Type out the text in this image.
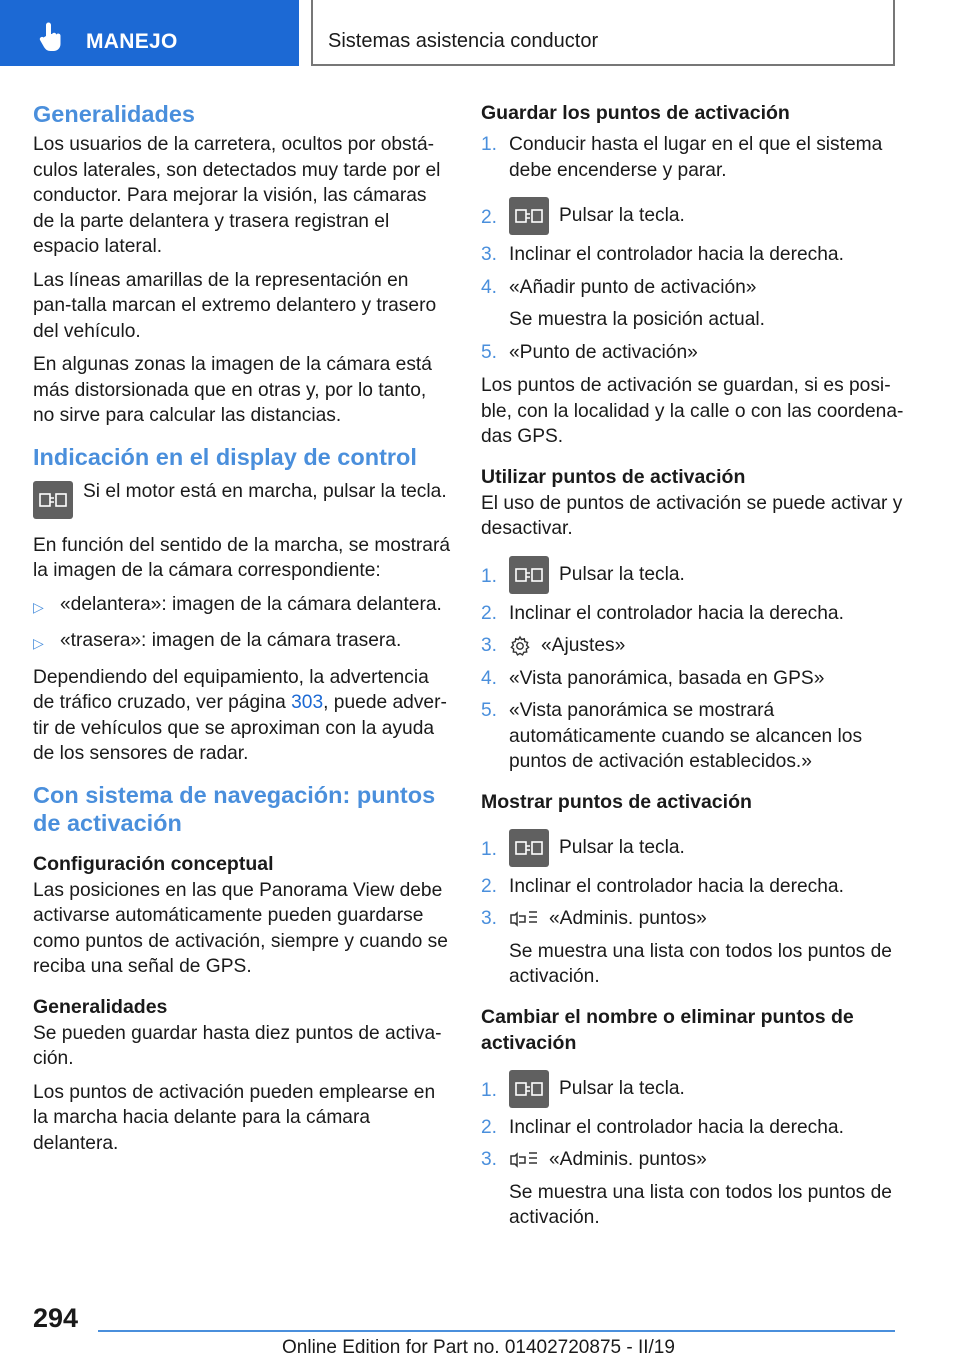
MANEJO	Sistemas asistencia conductor
Generalidades

Los usuarios de la carretera, ocultos por obstá-culos laterales, son detectados muy tarde por el conductor. Para mejorar la visión, las cámaras de la parte delantera y trasera registran el espacio lateral.

Las líneas amarillas de la representación en pan-talla marcan el extremo delantero y trasero del vehículo.

En algunas zonas la imagen de la cámara está más distorsionada que en otras y, por lo tanto, no sirve para calcular las distancias.

Indicación en el display de control
Si el motor está en marcha, pulsar la tecla.

En función del sentido de la marcha, se mostrará la imagen de la cámara correspondiente:

▷ «delantera»: imagen de la cámara delantera.
▷ «trasera»: imagen de la cámara trasera.

Dependiendo del equipamiento, la advertencia de tráfico cruzado, ver página 303, puede adver-tir de vehículos que se aproximan con la ayuda de los sensores de radar.

Con sistema de navegación: puntos de activación
Configuración conceptual

Las posiciones en las que Panorama View debe activarse automáticamente pueden guardarse como puntos de activación, siempre y cuando se reciba una señal de GPS.

Generalidades

Se pueden guardar hasta diez puntos de activa-ción.

Los puntos de activación pueden emplearse en la marcha hacia delante para la cámara delantera.

Guardar los puntos de activación
1. Conducir hasta el lugar en el que el sistema debe encenderse y parar.
2.	Pulsar la tecla.
3. Inclinar el controlador hacia la derecha.
4. «Añadir punto de activación»
Se muestra la posición actual.
5. «Punto de activación»

Los puntos de activación se guardan, si es posi-ble, con la localidad y la calle o con las coordena-das GPS.

Utilizar puntos de activación

El uso de puntos de activación se puede activar y desactivar.

1.	Pulsar la tecla.
2. Inclinar el controlador hacia la derecha.
3.	«Ajustes»
4. «Vista panorámica, basada en GPS»
5. «Vista panorámica se mostrará automáticamente cuando se alcancen los puntos de activación establecidos.»
Mostrar puntos de activación
1.	Pulsar la tecla.
2. Inclinar el controlador hacia la derecha.
3.	«Adminis. puntos»
Se muestra una lista con todos los puntos de activación.
Cambiar el nombre o eliminar puntos de activación
1.	Pulsar la tecla.
2. Inclinar el controlador hacia la derecha.
3.	«Adminis. puntos»
Se muestra una lista con todos los puntos de activación.
294
Online Edition for Part no. 01402720875 - II/19
